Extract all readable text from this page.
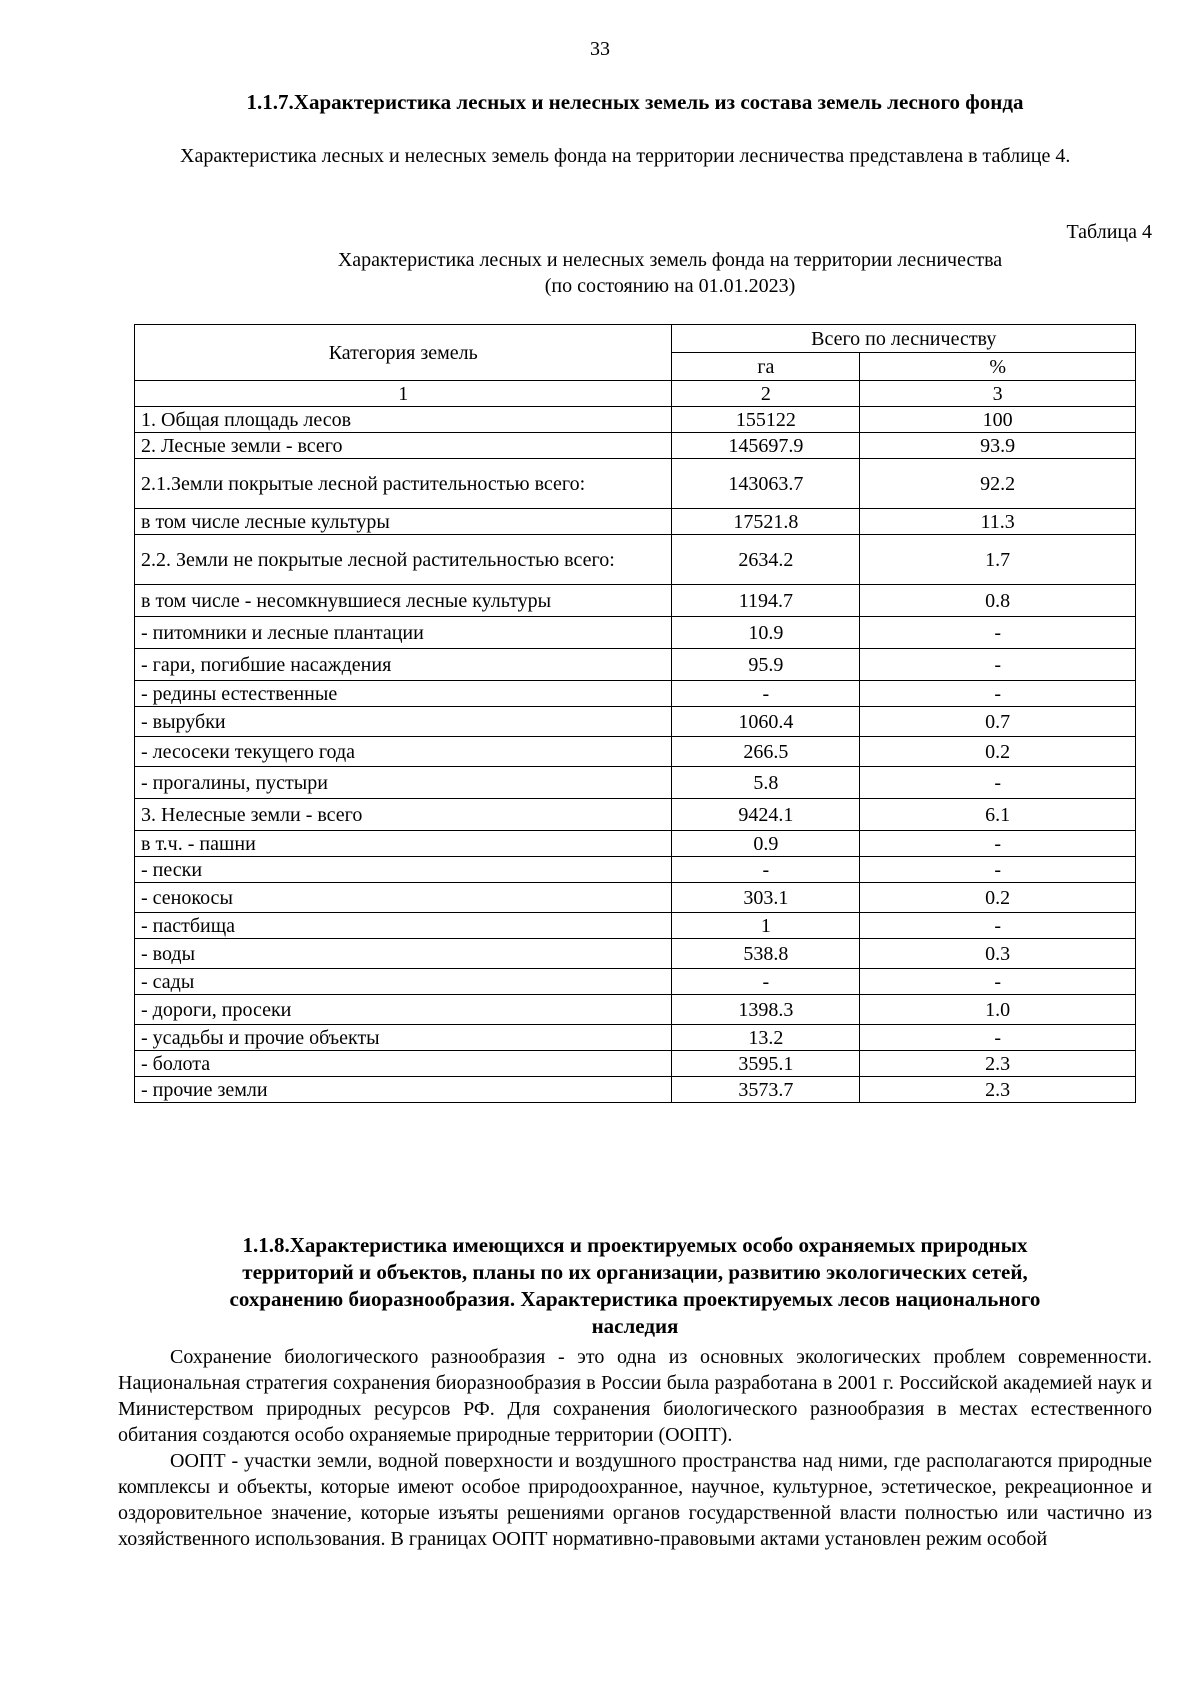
33
1.1.7.Характеристика лесных и нелесных земель из состава земель лесного фонда

Характеристика лесных и нелесных земель фонда на территории лесничества представлена в таблице 4.

Таблица 4
Характеристика лесных и нелесных земель фонда на территории лесничества
(по состоянию на 01.01.2023)
Категория земель	Всего по лесничеству	
	га	%
1	2	3
1. Общая площадь лесов	155122	100
2. Лесные земли - всего	145697.9	93.9
2.1.Земли покрытые лесной растительностью всего:	143063.7	92.2
в том числе лесные культуры	17521.8	11.3
2.2. Земли не покрытые лесной растительностью всего:	2634.2	1.7
в том числе - несомкнувшиеся лесные культуры	1194.7	0.8
- питомники и лесные плантации	10.9	-
- гари, погибшие насаждения	95.9	-
- редины естественные	-	-
- вырубки	1060.4	0.7
- лесосеки текущего года	266.5	0.2
- прогалины, пустыри	5.8	-
3. Нелесные земли - всего	9424.1	6.1
в т.ч. - пашни	0.9	-
- пески	-	-
- сенокосы	303.1	0.2
- пастбища	1	-
- воды	538.8	0.3
- сады	-	-
- дороги, просеки	1398.3	1.0
- усадьбы и прочие объекты	13.2	-
- болота	3595.1	2.3
- прочие земли	3573.7	2.3
1.1.8.Характеристика имеющихся и проектируемых особо охраняемых природных
территорий и объектов, планы по их организации, развитию экологических сетей,
сохранению биоразнообразия. Характеристика проектируемых лесов национального
наследия

Сохранение биологического разнообразия - это одна из основных экологических проблем современности. Национальная стратегия сохранения биоразнообразия в России была разработана в 2001 г. Российской академией наук и Министерством природных ресурсов РФ. Для сохранения биологического разнообразия в местах естественного обитания создаются особо охраняемые природные территории (ООПТ).

ООПТ - участки земли, водной поверхности и воздушного пространства над ними, где располагаются природные комплексы и объекты, которые имеют особое природоохранное, научное, культурное, эстетическое, рекреационное и оздоровительное значение, которые изъяты решениями органов государственной власти полностью или частично из хозяйственного использования. В границах ООПТ нормативно-правовыми актами установлен режим особой
